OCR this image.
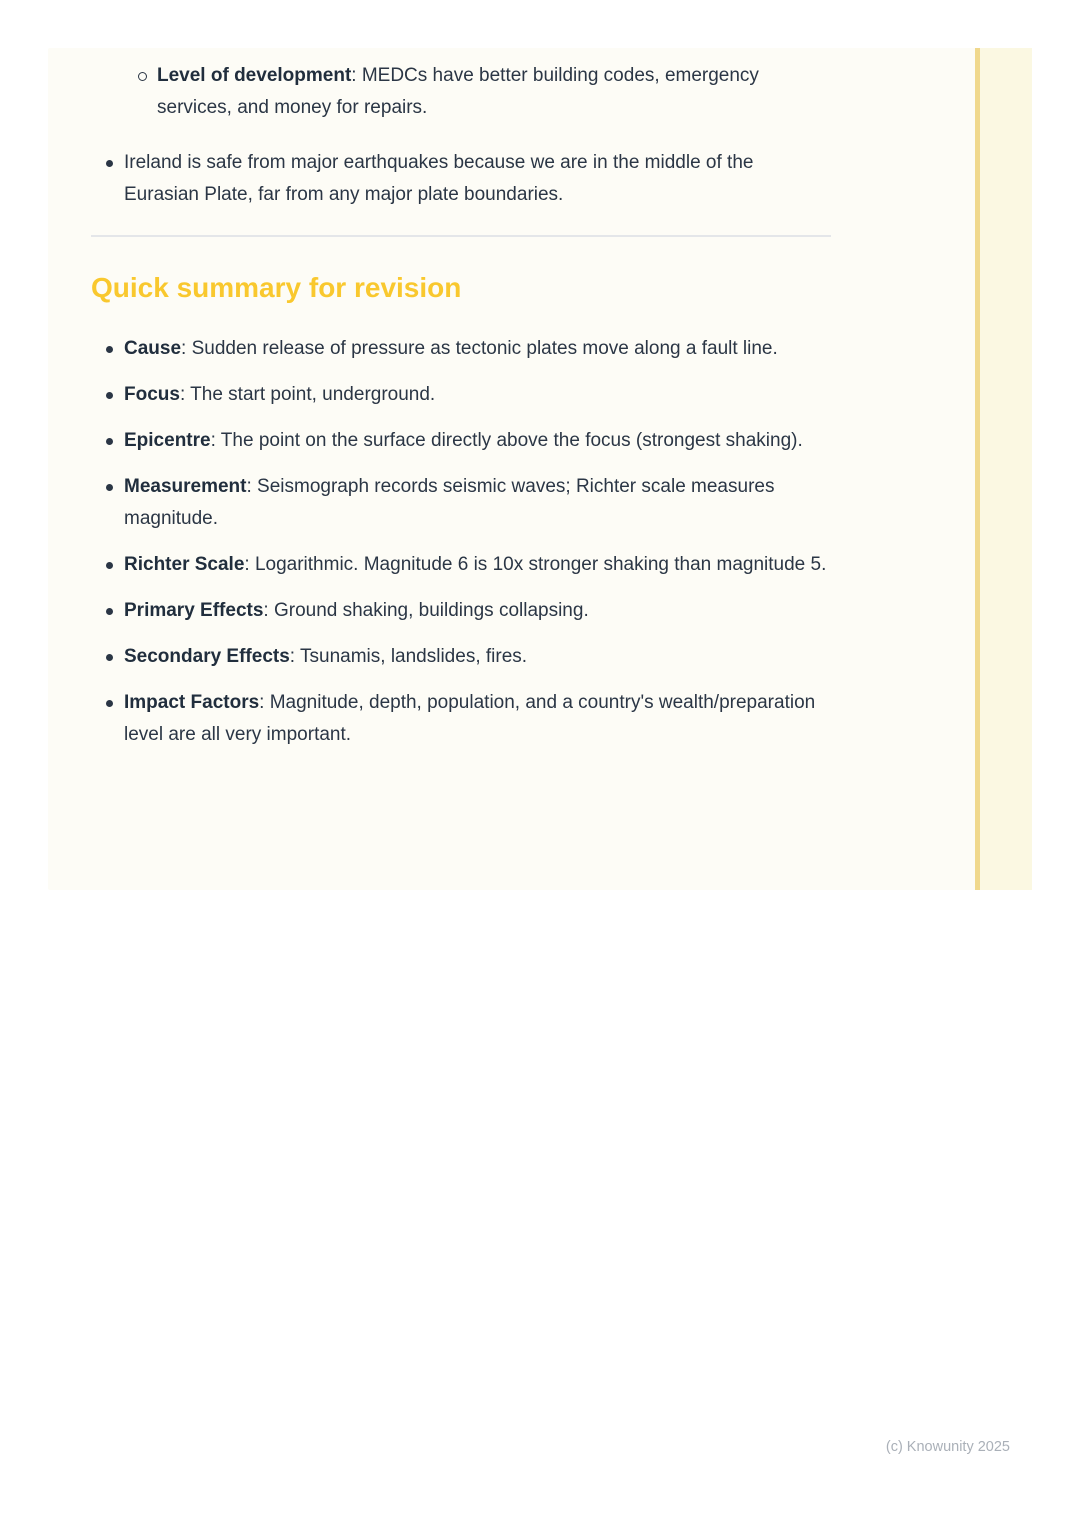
Level of development: MEDCs have better building codes, emergency services, and money for repairs.

Ireland is safe from major earthquakes because we are in the middle of the Eurasian Plate, far from any major plate boundaries.

Quick summary for revision

Cause: Sudden release of pressure as tectonic plates move along a fault line.

Focus: The start point, underground.

Epicentre: The point on the surface directly above the focus (strongest shaking).

Measurement: Seismograph records seismic waves; Richter scale measures magnitude.

Richter Scale: Logarithmic. Magnitude 6 is 10x stronger shaking than magnitude 5.

Primary Effects: Ground shaking, buildings collapsing.

Secondary Effects: Tsunamis, landslides, fires.

Impact Factors: Magnitude, depth, population, and a country's wealth/preparation level are all very important.

(c) Knowunity 2025
